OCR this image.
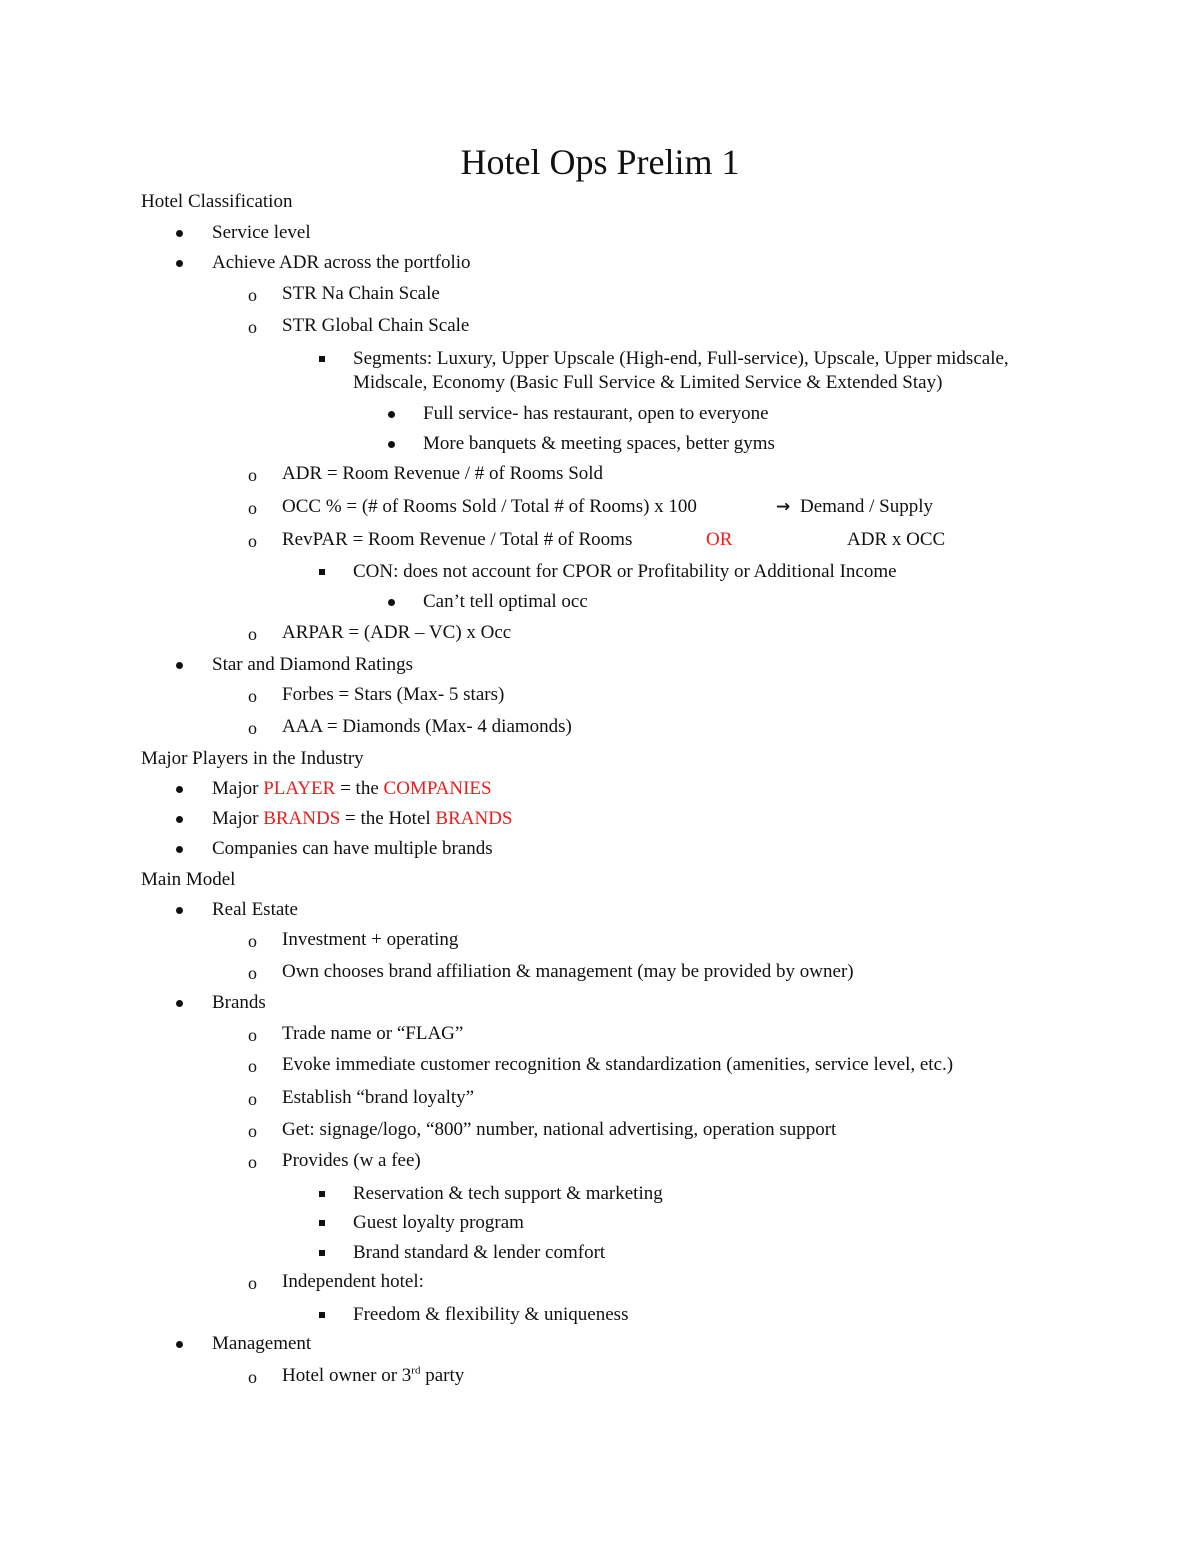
Hotel Ops Prelim 1
Hotel Classification
Service level
Achieve ADR across the portfolio
o STR Na Chain Scale
o STR Global Chain Scale
Segments: Luxury, Upper Upscale (High-end, Full-service), Upscale, Upper midscale,
Midscale, Economy (Basic Full Service & Limited Service & Extended Stay)
Full service- has restaurant, open to everyone
More banquets & meeting spaces, better gyms
o ADR = Room Revenue / # of Rooms Sold
o OCC % = (# of Rooms Sold / Total # of Rooms) x 100	→ Demand / Supply
o RevPAR = Room Revenue / Total # of Rooms	OR	ADR x OCC
CON: does not account for CPOR or Profitability or Additional Income
Can’t tell optimal occ
o ARPAR = (ADR – VC) x Occ
Star and Diamond Ratings
o Forbes = Stars (Max- 5 stars)
o AAA = Diamonds (Max- 4 diamonds)
Major Players in the Industry
Major PLAYER = the COMPANIES
Major BRANDS = the Hotel BRANDS
Companies can have multiple brands
Main Model
Real Estate
o Investment + operating
o Own chooses brand affiliation & management (may be provided by owner)
Brands
o Trade name or “FLAG”
o Evoke immediate customer recognition & standardization (amenities, service level, etc.)
o Establish “brand loyalty”
o Get: signage/logo, “800” number, national advertising, operation support
o Provides (w a fee)
Reservation & tech support & marketing
Guest loyalty program
Brand standard & lender comfort
o Independent hotel:
Freedom & flexibility & uniqueness
Management
o Hotel owner or 3rd party
